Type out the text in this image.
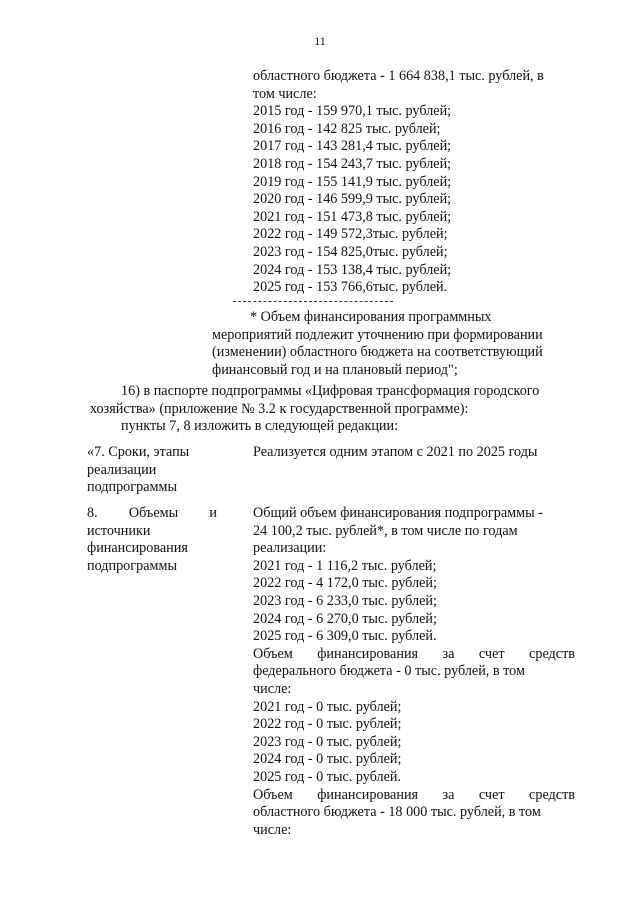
11
областного бюджета - 1 664 838,1 тыс. рублей, в
том числе:
2015 год - 159 970,1 тыс. рублей;
2016 год - 142 825 тыс. рублей;
2017 год - 143 281,4 тыс. рублей;
2018 год - 154 243,7 тыс. рублей;
2019 год - 155 141,9 тыс. рублей;
2020 год - 146 599,9 тыс. рублей;
2021 год - 151 473,8 тыс. рублей;
2022 год - 149 572,3тыс. рублей;
2023 год - 154 825,0тыс. рублей;
2024 год - 153 138,4 тыс. рублей;
2025 год - 153 766,6тыс. рублей.
* Объем финансирования программных
мероприятий подлежит уточнению при формировании
(изменении) областного бюджета на соответствующий
финансовый год и на плановый период";
16) в паспорте подпрограммы «Цифровая трансформация городского
хозяйства» (приложение № 3.2 к государственной программе):
пункты 7, 8 изложить в следующей редакции:
«7. Сроки, этапы
реализации
подпрограммы
Реализуется одним этапом с 2021 по 2025 годы
8. Объемы и
источники
финансирования
подпрограммы
Общий объем финансирования подпрограммы -
24 100,2 тыс. рублей*, в том числе по годам
реализации:
2021 год - 1 116,2 тыс. рублей;
2022 год - 4 172,0 тыс. рублей;
2023 год - 6 233,0 тыс. рублей;
2024 год - 6 270,0 тыс. рублей;
2025 год - 6 309,0 тыс. рублей.
Объем финансирования за счет средств
федерального бюджета - 0 тыс. рублей, в том
числе:
2021 год - 0 тыс. рублей;
2022 год - 0 тыс. рублей;
2023 год - 0 тыс. рублей;
2024 год - 0 тыс. рублей;
2025 год - 0 тыс. рублей.
Объем финансирования за счет средств
областного бюджета - 18 000 тыс. рублей, в том
числе:
